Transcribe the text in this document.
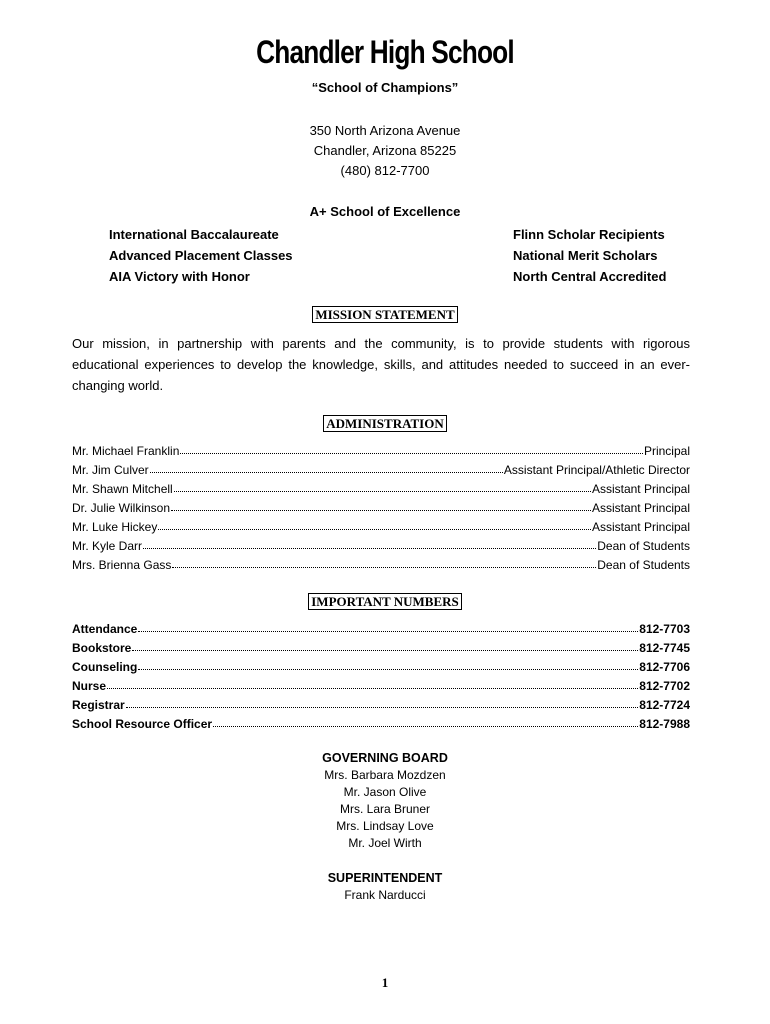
Chandler High School
“School of Champions”
350 North Arizona Avenue
Chandler, Arizona 85225
(480) 812-7700
A+ School of Excellence
International Baccalaureate
Advanced Placement Classes
AIA Victory with Honor
Flinn Scholar Recipients
National Merit Scholars
North Central Accredited
MISSION STATEMENT
Our mission, in partnership with parents and the community, is to provide students with rigorous educational experiences to develop the knowledge, skills, and attitudes needed to succeed in an ever-changing world.
ADMINISTRATION
Mr. Michael Franklin	Principal
Mr. Jim Culver	Assistant Principal/Athletic Director
Mr. Shawn Mitchell	Assistant Principal
Dr. Julie Wilkinson	Assistant Principal
Mr. Luke Hickey	Assistant Principal
Mr. Kyle Darr	Dean of Students
Mrs. Brienna Gass	Dean of Students
IMPORTANT NUMBERS
Attendance	812-7703
Bookstore	812-7745
Counseling	812-7706
Nurse	812-7702
Registrar	812-7724
School Resource Officer	812-7988
GOVERNING BOARD
Mrs. Barbara Mozdzen
Mr. Jason Olive
Mrs. Lara Bruner
Mrs. Lindsay Love
Mr. Joel Wirth
SUPERINTENDENT
Frank Narducci
1
